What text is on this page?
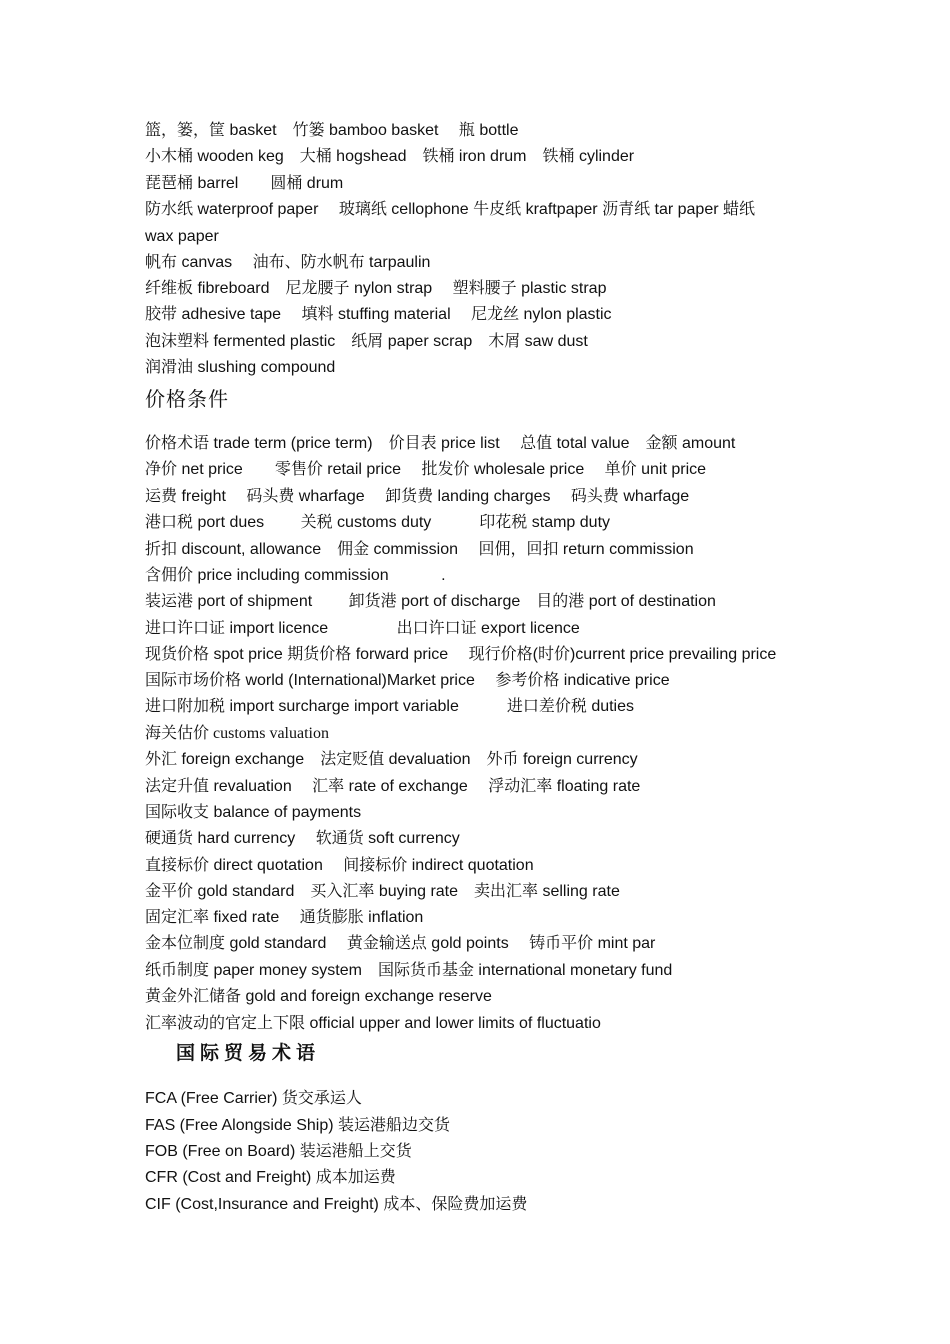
篮，篓，筐 basket　竹篓 bamboo basket　 瓶 bottle
小木桶 wooden keg　大桶 hogshead　铁桶 iron drum　铁桶 cylinder
琵琶桶 barrel　　圆桶 drum
防水纸 waterproof paper　 玻璃纸 cellophone 牛皮纸 kraftpaper 沥青纸 tar paper 蜡纸
wax paper
帆布 canvas　 油布、防水帆布 tarpaulin
纤维板 fibreboard　尼龙腰子 nylon strap　 塑料腰子 plastic strap
胶带 adhesive tape　 填料 stuffing material　 尼龙丝 nylon plastic
泡沫塑料 fermented plastic　纸屑 paper scrap　木屑 saw dust
润滑油 slushing compound
价格条件
价格术语 trade term (price term)　价目表 price list　 总值 total value　金额 amount
净价 net price　　零售价 retail price　 批发价 wholesale price　 单价 unit price
运费 freight　 码头费 wharfage　 卸货费 landing charges　 码头费 wharfage
港口税 port dues　　 关税 customs duty　　　印花税 stamp duty
折扣 discount, allowance　佣金 commission　 回佣，回扣 return commission
含佣价 price including commission　　　 .
装运港 port of shipment　　 卸货港 port of discharge　目的港 port of destination
进口许口证 import licence　　　　 出口许口证 export licence
现货价格 spot price 期货价格 forward price　 现行价格(时价)current price prevailing price
国际市场价格 world (International)Market price　 参考价格 indicative price
进口附加税 import surcharge import variable　　　进口差价税 duties
海关估价 customs valuation
外汇 foreign exchange　法定贬值 devaluation　外币 foreign currency
法定升值 revaluation　 汇率 rate of exchange　 浮动汇率 floating rate
国际收支 balance of payments
硬通货 hard currency　 软通货 soft currency
直接标价 direct quotation　 间接标价 indirect quotation
金平价 gold standard　买入汇率 buying rate　卖出汇率 selling rate
固定汇率 fixed rate　 通货膨胀 inflation
金本位制度 gold standard　 黄金输送点 gold points　 铸币平价 mint par
纸币制度 paper money system　国际货币基金 international monetary fund
黄金外汇储备 gold and foreign exchange reserve
汇率波动的官定上下限 official upper and lower limits of fluctuatio
国际贸易术语
FCA (Free Carrier) 货交承运人
FAS (Free Alongside Ship) 装运港船边交货
FOB (Free on Board) 装运港船上交货
CFR (Cost and Freight) 成本加运费
CIF (Cost,Insurance and Freight) 成本、保险费加运费
